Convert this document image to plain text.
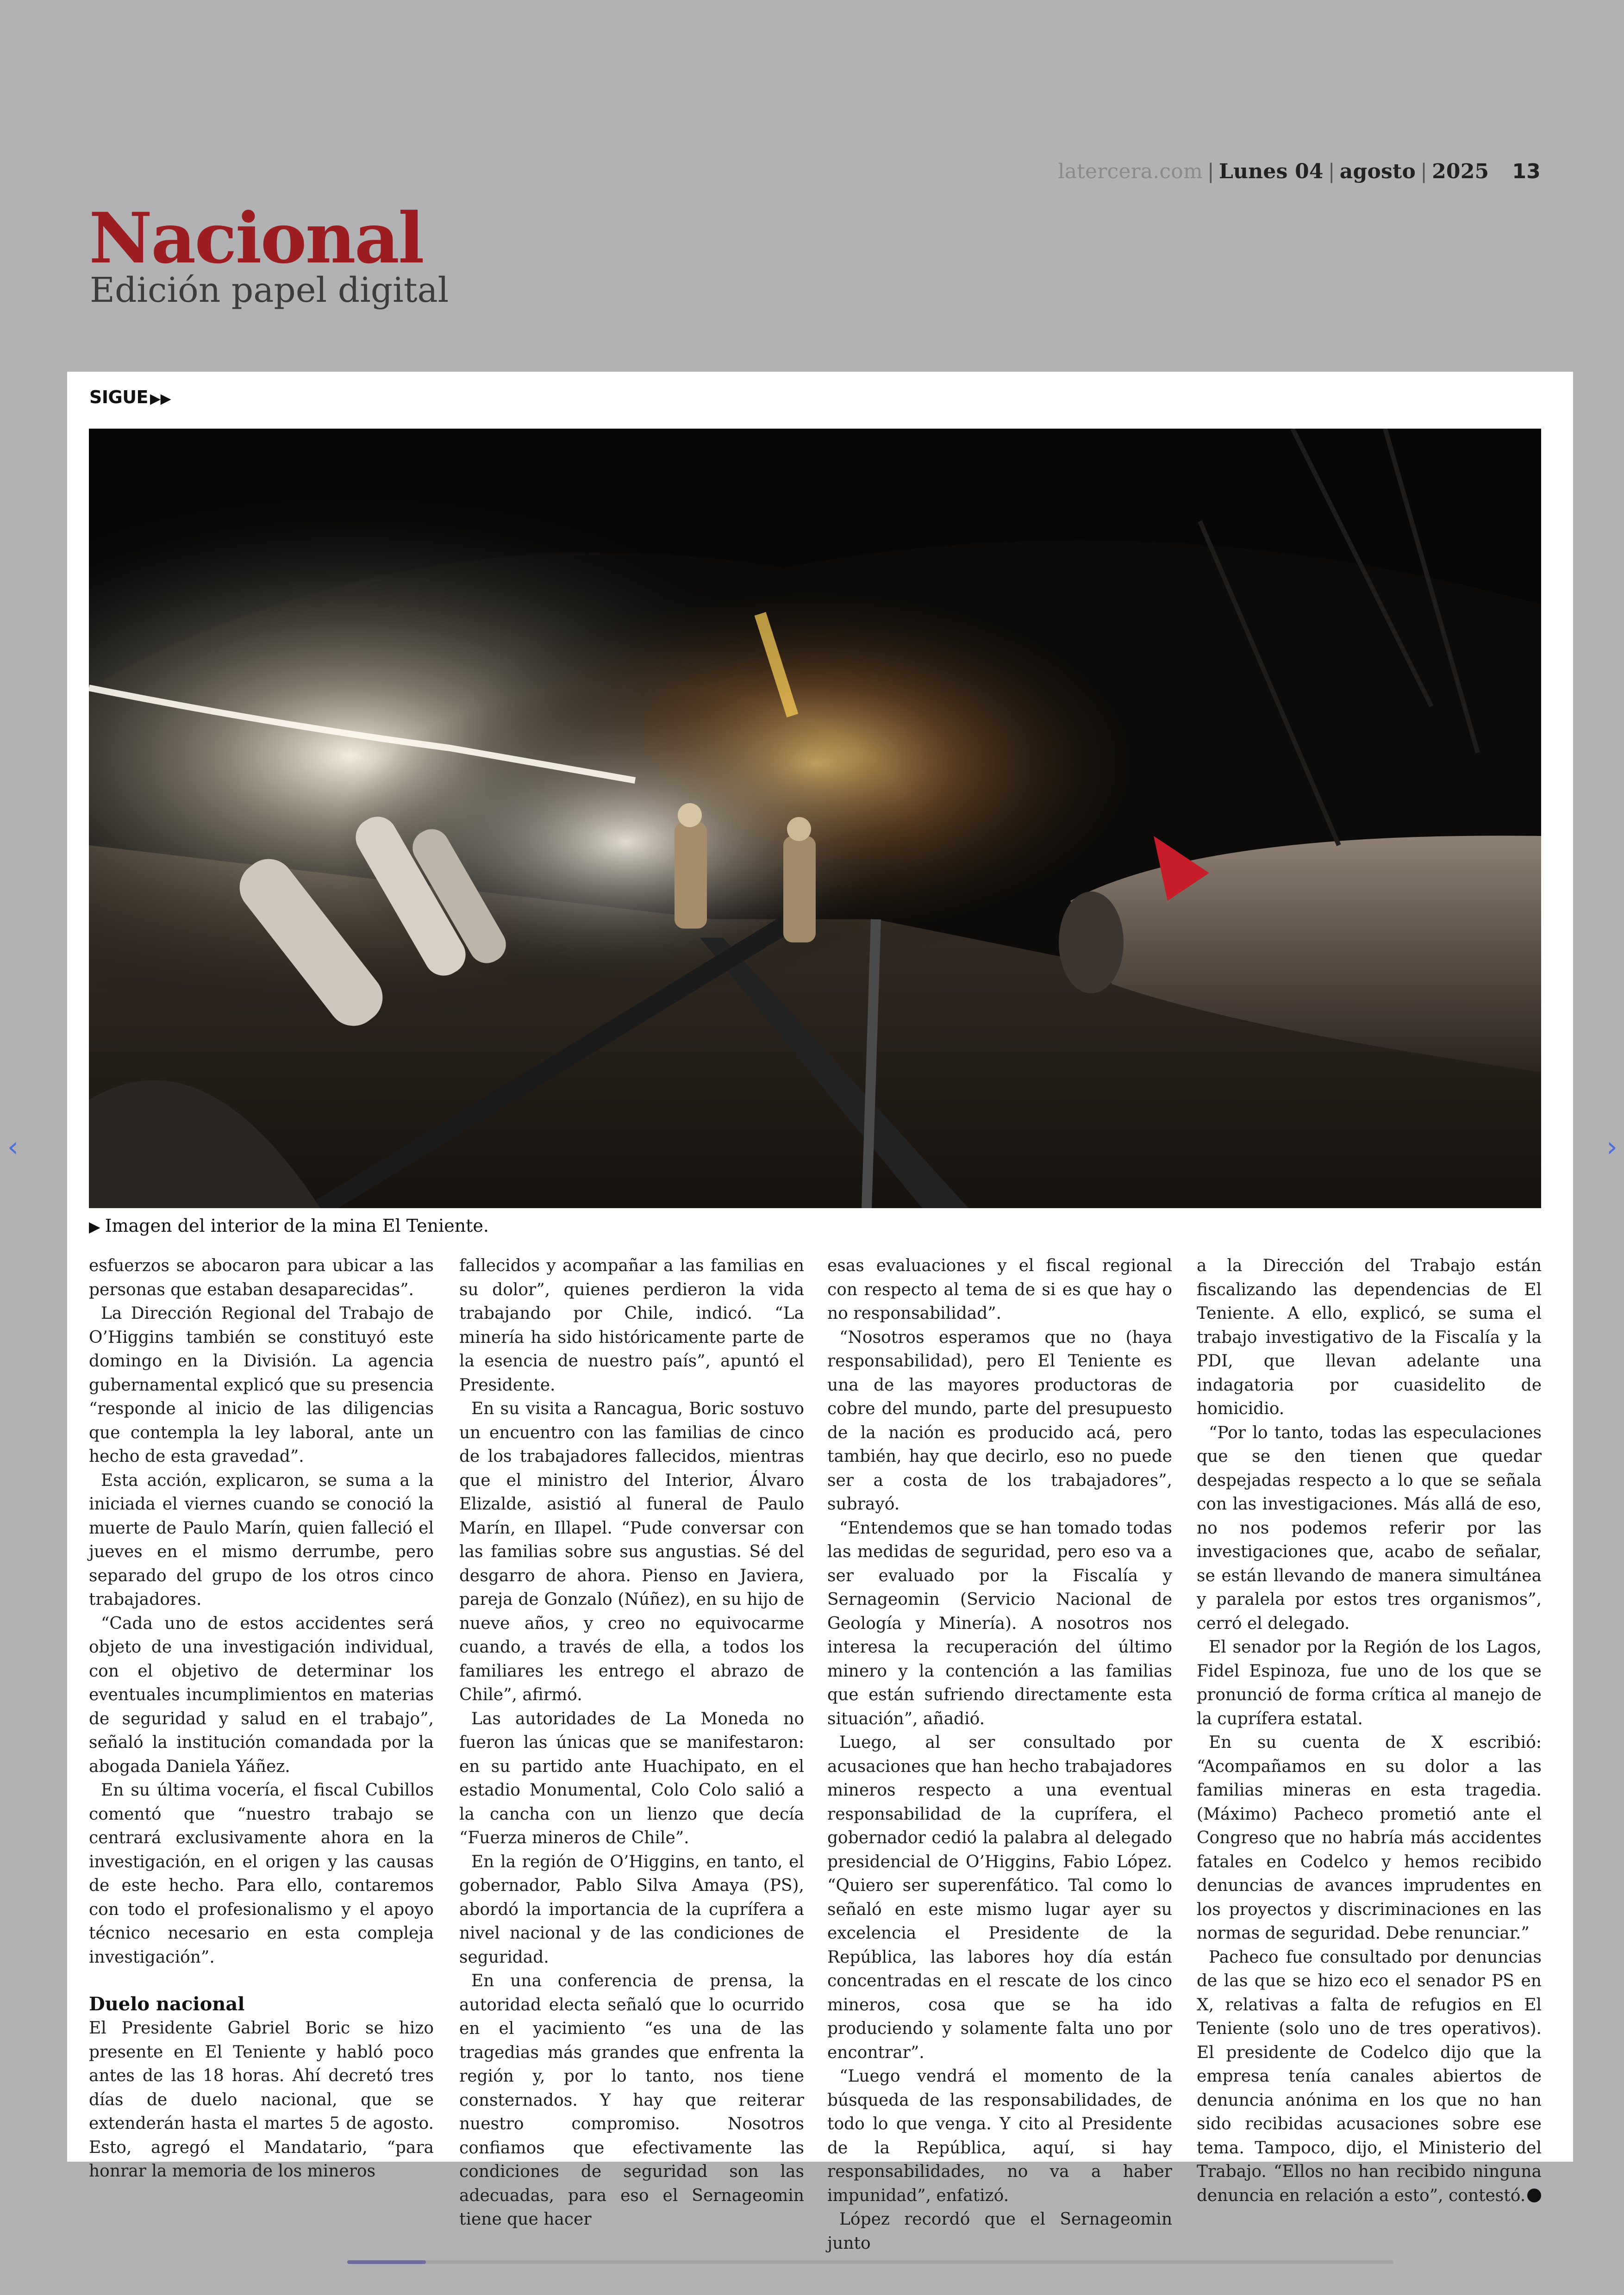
latercera.com | Lunes 04 | agosto | 2025 13
Nacional
Edición papel digital
‹	›
SIGUE ▶▶
▶ Imagen del interior de la mina El Teniente.

esfuerzos se abocaron para ubicar a las personas que estaban desaparecidas”.

La Dirección Regional del Trabajo de O’Higgins también se constituyó este domingo en la División. La agencia gubernamental explicó que su presencia “responde al inicio de las diligencias que contempla la ley laboral, ante un hecho de esta gravedad”.

Esta acción, explicaron, se suma a la iniciada el viernes cuando se conoció la muerte de Paulo Marín, quien falleció el jueves en el mismo derrumbe, pero separado del grupo de los otros cinco trabajadores.

“Cada uno de estos accidentes será objeto de una investigación individual, con el objetivo de determinar los eventuales incumplimientos en materias de seguridad y salud en el trabajo”, señaló la institución comandada por la abogada Daniela Yáñez.

En su última vocería, el fiscal Cubillos comentó que “nuestro trabajo se centrará exclusivamente ahora en la investigación, en el origen y las causas de este hecho. Para ello, contaremos con todo el profesionalismo y el apoyo técnico necesario en esta compleja investigación”.

Duelo nacional

El Presidente Gabriel Boric se hizo presente en El Teniente y habló poco antes de las 18 horas. Ahí decretó tres días de duelo nacional, que se extenderán hasta el martes 5 de agosto. Esto, agregó el Mandatario, “para honrar la memoria de los mineros

fallecidos y acompañar a las familias en su dolor”, quienes perdieron la vida trabajando por Chile, indicó. “La minería ha sido históricamente parte de la esencia de nuestro país”, apuntó el Presidente.

En su visita a Rancagua, Boric sostuvo un encuentro con las familias de cinco de los trabajadores fallecidos, mientras que el ministro del Interior, Álvaro Elizalde, asistió al funeral de Paulo Marín, en Illapel. “Pude conversar con las familias sobre sus angustias. Sé del desgarro de ahora. Pienso en Javiera, pareja de Gonzalo (Núñez), en su hijo de nueve años, y creo no equivocarme cuando, a través de ella, a todos los familiares les entrego el abrazo de Chile”, afirmó.

Las autoridades de La Moneda no fueron las únicas que se manifestaron: en su partido ante Huachipato, en el estadio Monumental, Colo Colo salió a la cancha con un lienzo que decía “Fuerza mineros de Chile”.

En la región de O’Higgins, en tanto, el gobernador, Pablo Silva Amaya (PS), abordó la importancia de la cuprífera a nivel nacional y de las condiciones de seguridad.

En una conferencia de prensa, la autoridad electa señaló que lo ocurrido en el yacimiento “es una de las tragedias más grandes que enfrenta la región y, por lo tanto, nos tiene consternados. Y hay que reiterar nuestro compromiso. Nosotros confiamos que efectivamente las condiciones de seguridad son las adecuadas, para eso el Sernageomin tiene que hacer

esas evaluaciones y el fiscal regional con respecto al tema de si es que hay o no responsabilidad”.

“Nosotros esperamos que no (haya responsabilidad), pero El Teniente es una de las mayores productoras de cobre del mundo, parte del presupuesto de la nación es producido acá, pero también, hay que decirlo, eso no puede ser a costa de los trabajadores”, subrayó.

“Entendemos que se han tomado todas las medidas de seguridad, pero eso va a ser evaluado por la Fiscalía y Sernageomin (Servicio Nacional de Geología y Minería). A nosotros nos interesa la recuperación del último minero y la contención a las familias que están sufriendo directamente esta situación”, añadió.

Luego, al ser consultado por acusaciones que han hecho trabajadores mineros respecto a una eventual responsabilidad de la cuprífera, el gobernador cedió la palabra al delegado presidencial de O’Higgins, Fabio López. “Quiero ser superenfático. Tal como lo señaló en este mismo lugar ayer su excelencia el Presidente de la República, las labores hoy día están concentradas en el rescate de los cinco mineros, cosa que se ha ido produciendo y solamente falta uno por encontrar”.

“Luego vendrá el momento de la búsqueda de las responsabilidades, de todo lo que venga. Y cito al Presidente de la República, aquí, si hay responsabilidades, no va a haber impunidad”, enfatizó.

López recordó que el Sernageomin junto

a la Dirección del Trabajo están fiscalizando las dependencias de El Teniente. A ello, explicó, se suma el trabajo investigativo de la Fiscalía y la PDI, que llevan adelante una indagatoria por cuasidelito de homicidio.

“Por lo tanto, todas las especulaciones que se den tienen que quedar despejadas respecto a lo que se señala con las investigaciones. Más allá de eso, no nos podemos referir por las investigaciones que, acabo de señalar, se están llevando de manera simultánea y paralela por estos tres organismos”, cerró el delegado.

El senador por la Región de los Lagos, Fidel Espinoza, fue uno de los que se pronunció de forma crítica al manejo de la cuprífera estatal.

En su cuenta de X escribió: “Acompañamos en su dolor a las familias mineras en esta tragedia. (Máximo) Pacheco prometió ante el Congreso que no habría más accidentes fatales en Codelco y hemos recibido denuncias de avances imprudentes en los proyectos y discriminaciones en las normas de seguridad. Debe renunciar.”

Pacheco fue consultado por denuncias de las que se hizo eco el senador PS en X, relativas a falta de refugios en El Teniente (solo uno de tres operativos). El presidente de Codelco dijo que la empresa tenía canales abiertos de denuncia anónima en los que no han sido recibidas acusaciones sobre ese tema. Tampoco, dijo, el Ministerio del Trabajo. “Ellos no han recibido ninguna denuncia en relación a esto”, contestó.
